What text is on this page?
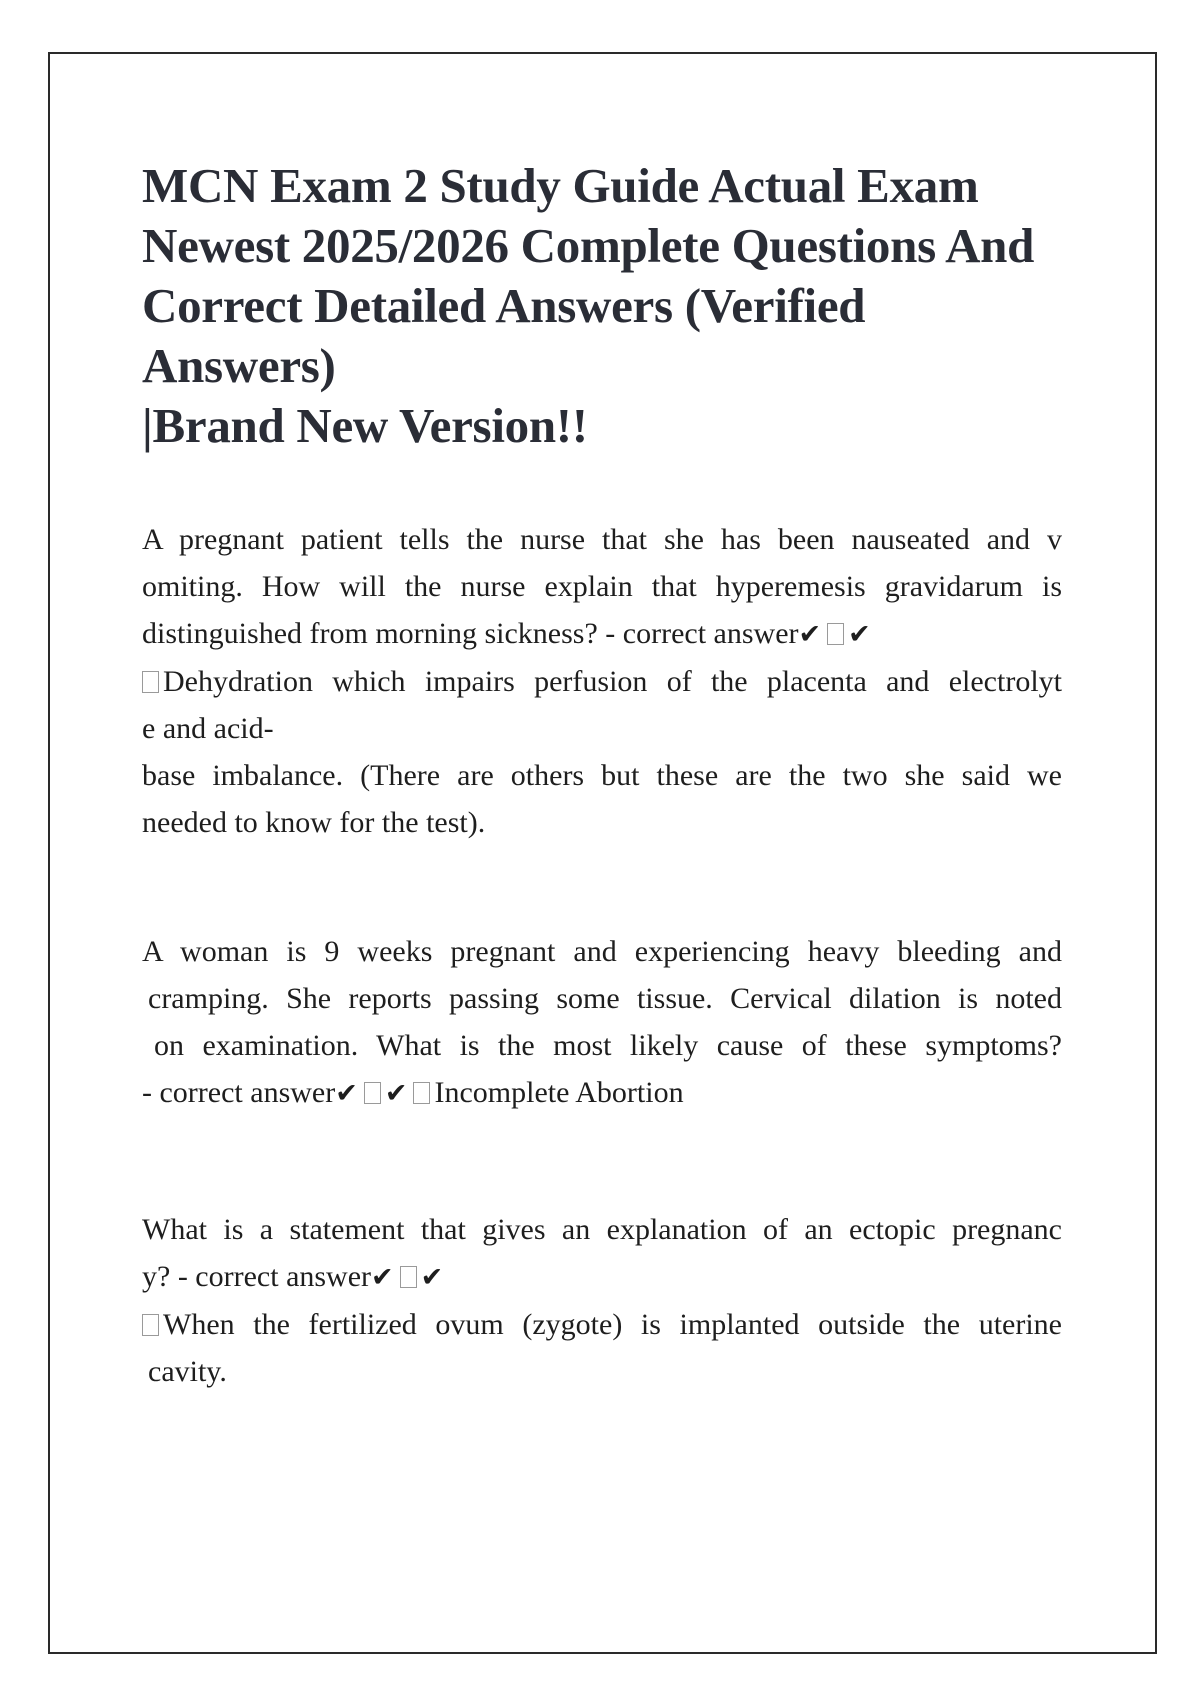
MCN Exam 2 Study Guide Actual Exam
Newest 2025/2026 Complete Questions And
Correct Detailed Answers (Verified Answers)
|Brand New Version!!
A pregnant patient tells the nurse that she has been nauseated and v
omiting. How will the nurse explain that hyperemesis gravidarum is
distinguished from morning sickness? - correct answer✔ ✔
Dehydration which impairs perfusion of the placenta and electrolyt
e and acid-
base imbalance. (There are others but these are the two she said we
needed to know for the test).
A woman is 9 weeks pregnant and experiencing heavy bleeding and
cramping. She reports passing some tissue. Cervical dilation is noted
on examination. What is the most likely cause of these symptoms?
- correct answer✔ ✔ Incomplete Abortion
What is a statement that gives an explanation of an ectopic pregnanc
y? - correct answer✔ ✔
When the fertilized ovum (zygote) is implanted outside the uterine
cavity.
